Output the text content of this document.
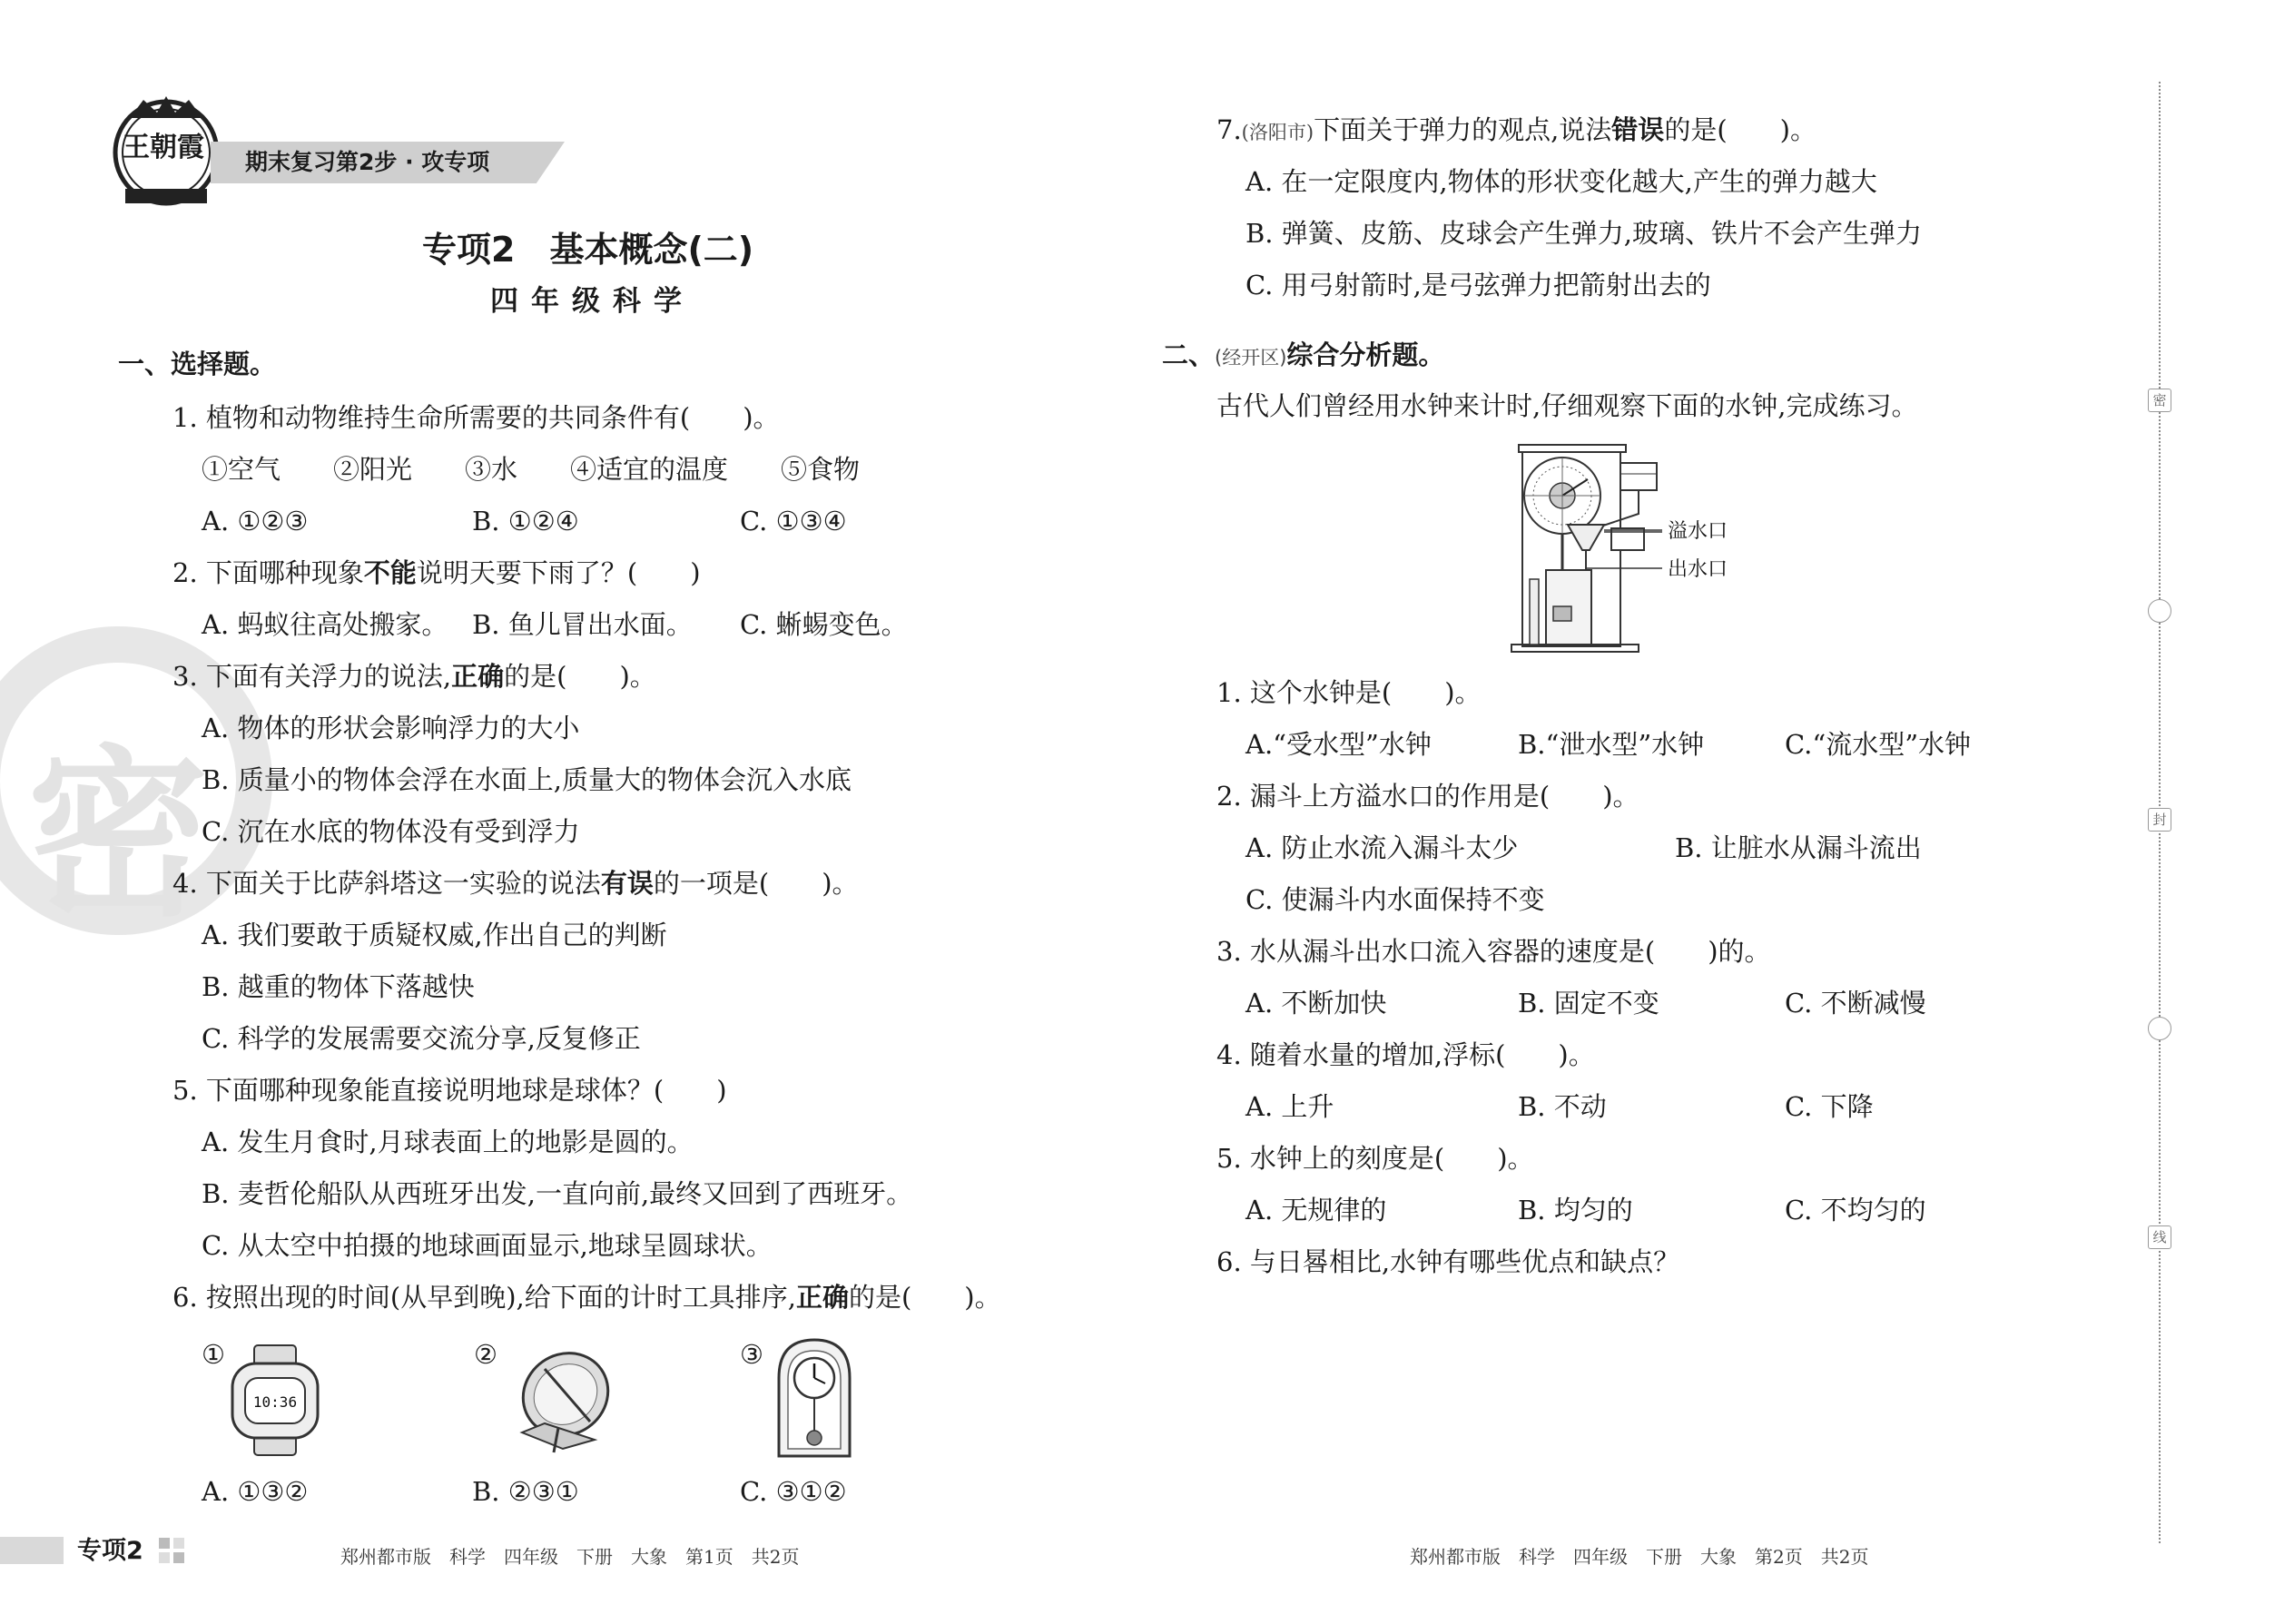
密
王朝霞 期末复习第2步 · 攻专项
专项2　基本概念(二)
四年级科学
一、选择题。
1. 植物和动物维持生命所需要的共同条件有(　　)。
①空气　　②阳光　　③水　　④适宜的温度　　⑤食物
A. ①②③	B. ①②④	C. ①③④
2. 下面哪种现象不能说明天要下雨了？(　　)
A. 蚂蚁往高处搬家。 B. 鱼儿冒出水面。 C. 蜥蜴变色。
3. 下面有关浮力的说法,正确的是(　　)。
A. 物体的形状会影响浮力的大小
B. 质量小的物体会浮在水面上,质量大的物体会沉入水底
C. 沉在水底的物体没有受到浮力
4. 下面关于比萨斜塔这一实验的说法有误的一项是(　　)。
A. 我们要敢于质疑权威,作出自己的判断
B. 越重的物体下落越快
C. 科学的发展需要交流分享,反复修正
5. 下面哪种现象能直接说明地球是球体？(　　)
A. 发生月食时,月球表面上的地影是圆的。
B. 麦哲伦船队从西班牙出发,一直向前,最终又回到了西班牙。
C. 从太空中拍摄的地球画面显示,地球呈圆球状。
6. 按照出现的时间(从早到晚),给下面的计时工具排序,正确的是(　　)。
①	②	③
10:36
A. ①③②	B. ②③①	C. ③①②
7.(洛阳市)下面关于弹力的观点,说法错误的是(　　)。
A. 在一定限度内,物体的形状变化越大,产生的弹力越大
B. 弹簧、皮筋、皮球会产生弹力,玻璃、铁片不会产生弹力
C. 用弓射箭时,是弓弦弹力把箭射出去的
二、(经开区)综合分析题。
古代人们曾经用水钟来计时,仔细观察下面的水钟,完成练习。
溢水口
出水口
1. 这个水钟是(　　)。
A.“受水型”水钟	B.“泄水型”水钟	C.“流水型”水钟
2. 漏斗上方溢水口的作用是(　　)。
A. 防止水流入漏斗太少	B. 让脏水从漏斗流出
C. 使漏斗内水面保持不变
3. 水从漏斗出水口流入容器的速度是(　　)的。
A. 不断加快	B. 固定不变	C. 不断减慢
4. 随着水量的增加,浮标(　　)。
A. 上升	B. 不动	C. 下降
5. 水钟上的刻度是(　　)。
A. 无规律的	B. 均匀的	C. 不均匀的
6. 与日晷相比,水钟有哪些优点和缺点？
密
封
线
专项2	郑州都市版　科学　四年级　下册　大象　第1页　共2页	郑州都市版　科学　四年级　下册　大象　第2页　共2页
